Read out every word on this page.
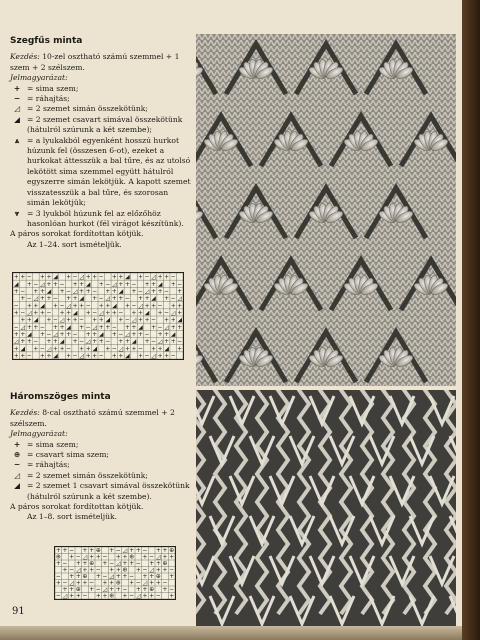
Szegfűs minta
Kezdés: 10-zel osztható számú szemmel + 1 szem + 2 szélszem.
Jelmagyarázat:
+ = sima szem;
− = ráhajtás;
◿ = 2 szemet simán összekötünk;
◢ = 2 szemet csavart simával összekötünk (hátulról szúrunk a két szembe);
⩓	= a lyukakból egyenként hosszú hurkot húzunk fel (összesen 6-ot), ezeket a hurkokat áttesszük a bal tűre, és az utolsó lekötött sima szemmel együtt hátulról egyszerre simán lekötjük. A kapott szemet visszatesszük a bal tűre, és szorosan simán lekötjük;
⩔	= 3 lyukból húzunk fel az előzőhöz hasonlóan hurkot (fél virágot készítünk).
A páros sorokat fordítottan kötjük.
Az 1–24. sort ismételjük.
+ + − + + ◢ + − ◿ + + − + + ◢ + − ◿ + + −
◢ + − ◿ + + − + + ◢ + − ◿ + + − + + ◢ + −
+ − + + ◢ + − ◿ + + − + + ◢ + − ◿ + + − +
+ − ◿ + + − + + ◢ + − ◿ + + − + + ◢ + − ◿
− + + ◢ + − ◿ + + − + + ◢ + − ◿ + + − + +
+ − ◿ + + − + + ◢ + − ◿ + + − + + ◢ + − ◿ +
+ + ◢ + − ◿ + + − + + ◢ + − ◿ + + − + + ◢
− ◿ + + − + + ◢ + − ◿ + + − + + ◢ + − ◿ + +
+ + ◢ + − ◿ + + − + + ◢ + − ◿ + + − + + ◢
◿ + + − + + ◢ + − ◿ + + − + + ◢ + − ◿ + + −
+ ◢ + − ◿ + + − + + ◢ + − ◿ + + − + + ◢ +
+ + − + + ◢ + − ◿ + + − + + ◢ + − ◿ + + −
Háromszöges minta
Kezdés: 8-cal osztható számú szemmel + 2 szélszem.
Jelmagyarázat:
+ = sima szem;
⊕ = csavart sima szem;
− = ráhajtás;
◿ = 2 szemet simán összekötünk;
◢ = 2 szemet 1 csavart simával összekötünk (hátulról szúrunk a két szembe).
A páros sorokat fordítottan kötjük.
Az 1–8. sort ismételjük.
+ + − + + ⊕ + − ◿ + + − + + ⊕
⊕ + − ◿ + + − + + ⊕ + − ◿ + +
+ − + + ⊕ + − ◿ + + − + + ⊕
+ − ◿ + + − + + ⊕ + − ◿ + + −
− + + ⊕ + − ◿ + + − + + ⊕ +
+ − ◿ + + − + + ⊕ + − ◿ + + −
+ + ⊕ + − ◿ + + − + + ⊕ + −
− ◿ + + − + + ⊕ + − ◿ + + − +
91
